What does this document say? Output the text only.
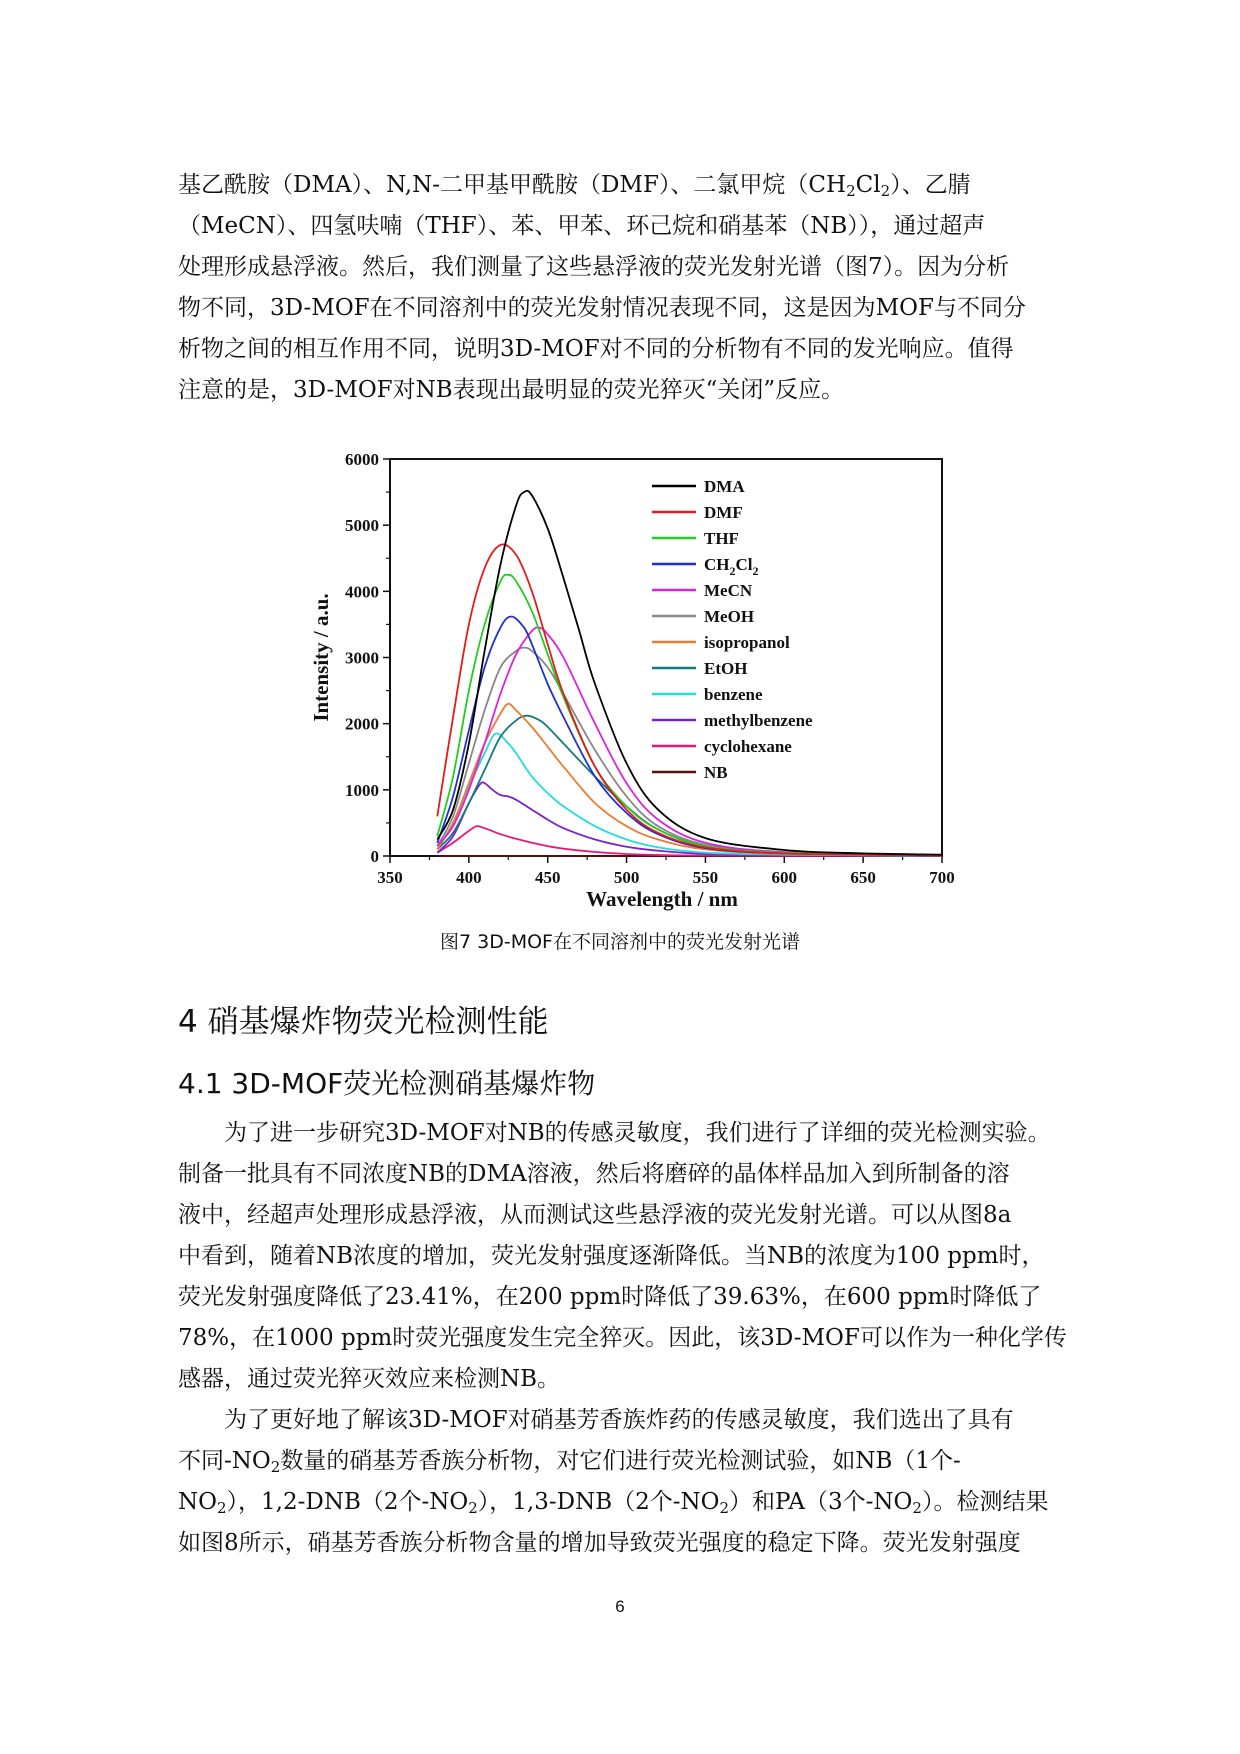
基乙酰胺（DMA）、N,N-二甲基甲酰胺（DMF）、二氯甲烷$(CH_2Cl_2)$、乙腈
（MeCN）、四氢呋喃（THF）、苯、甲苯、环己烷和硝基苯（NB）），通过超声
处理形成悬浮液。然后，我们测量了这些悬浮液的荧光发射光谱（图7）。因为分析
物不同，3D-MOF在不同溶剂中的荧光发射情况表现不同，这是因为MOF与不同分
析物之间的相互作用不同，说明3D-MOF对不同的分析物有不同的发光响应。值得
注意的是，3D-MOF对NB表现出最明显的荧光猝灭“关闭”反应。

350	400	450	500	550	600	650	700
0
1000
2000
3000
4000
5000
6000
Wavelength / nm
Intensity / a.u.
DMA
DMF
THF
$CH_2Cl_2$
MeCN
MeOH
isopropanol
EtOH
benzene
methylbenzene
cyclohexane
NB

图7 3D-MOF在不同溶剂中的荧光发射光谱

4 硝基爆炸物荧光检测性能
4.1 3D-MOF荧光检测硝基爆炸物

为了进一步研究3D-MOF对NB的传感灵敏度，我们进行了详细的荧光检测实验。
制备一批具有不同浓度NB的DMA溶液，然后将磨碎的晶体样品加入到所制备的溶
液中，经超声处理形成悬浮液，从而测试这些悬浮液的荧光发射光谱。可以从图8a
中看到，随着NB浓度的增加，荧光发射强度逐渐降低。当NB的浓度为100 ppm时，
荧光发射强度降低了23.41%，在200 ppm时降低了39.63%，在600 ppm时降低了
78%，在1000 ppm时荧光强度发生完全猝灭。因此，该3D-MOF可以作为一种化学传
感器，通过荧光猝灭效应来检测NB。

为了更好地了解该3D-MOF对硝基芳香族炸药的传感灵敏度，我们选出了具有
不同$-NO_2$数量的硝基芳香族分析物，对它们进行荧光检测试验，如NB（1个-
$NO_2$），1,2-DNB（2个$-NO_2$），1,3-DNB（2个$-NO_2$）和PA（3个$-NO_2$）。检测结果
如图8所示，硝基芳香族分析物含量的增加导致荧光强度的稳定下降。荧光发射强度

6
